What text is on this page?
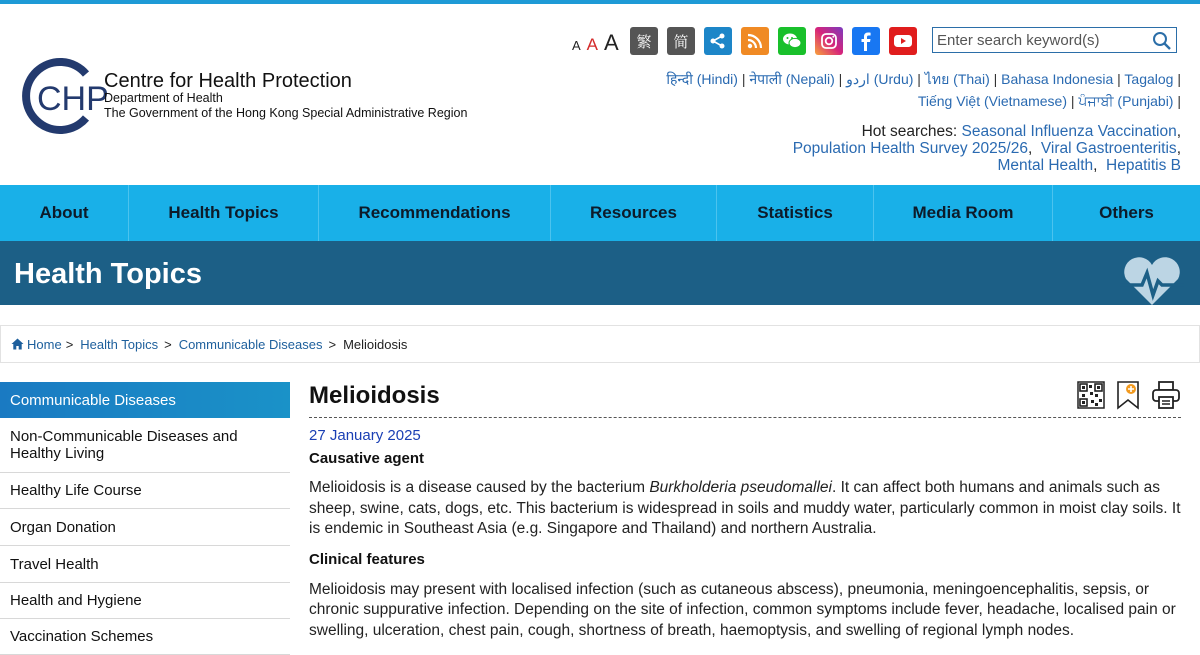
CHP
Centre for Health Protection
Department of Health
The Government of the Hong Kong Special Administrative Region
A A A 繁 简
Enter search keyword(s)
हिन्दी (Hindi) | नेपाली (Nepali) | اردو (Urdu) | ไทย (Thai) | Bahasa Indonesia | Tagalog |
Tiếng Việt (Vietnamese) | ਪੰਜਾਬੀ (Punjabi) |
Hot searches: Seasonal Influenza Vaccination,
Population Health Survey 2025/26,  Viral Gastroenteritis,
Mental Health,  Hepatitis B
About	Health Topics	Recommendations	Resources	Statistics	Media Room	Others
Health Topics
Home > Health Topics > Communicable Diseases > Melioidosis
Communicable Diseases
Non-Communicable Diseases and Healthy Living
Healthy Life Course
Organ Donation
Travel Health
Health and Hygiene
Vaccination Schemes
Melioidosis
27 January 2025
Causative agent

Melioidosis is a disease caused by the bacterium Burkholderia pseudomallei. It can affect both humans and animals such as sheep, swine, cats, dogs, etc. This bacterium is widespread in soils and muddy water, particularly common in moist clay soils. It is endemic in Southeast Asia (e.g. Singapore and Thailand) and northern Australia.

Clinical features

Melioidosis may present with localised infection (such as cutaneous abscess), pneumonia, meningoencephalitis, sepsis, or chronic suppurative infection. Depending on the site of infection, common symptoms include fever, headache, localised pain or swelling, ulceration, chest pain, cough, shortness of breath, haemoptysis, and swelling of regional lymph nodes.
